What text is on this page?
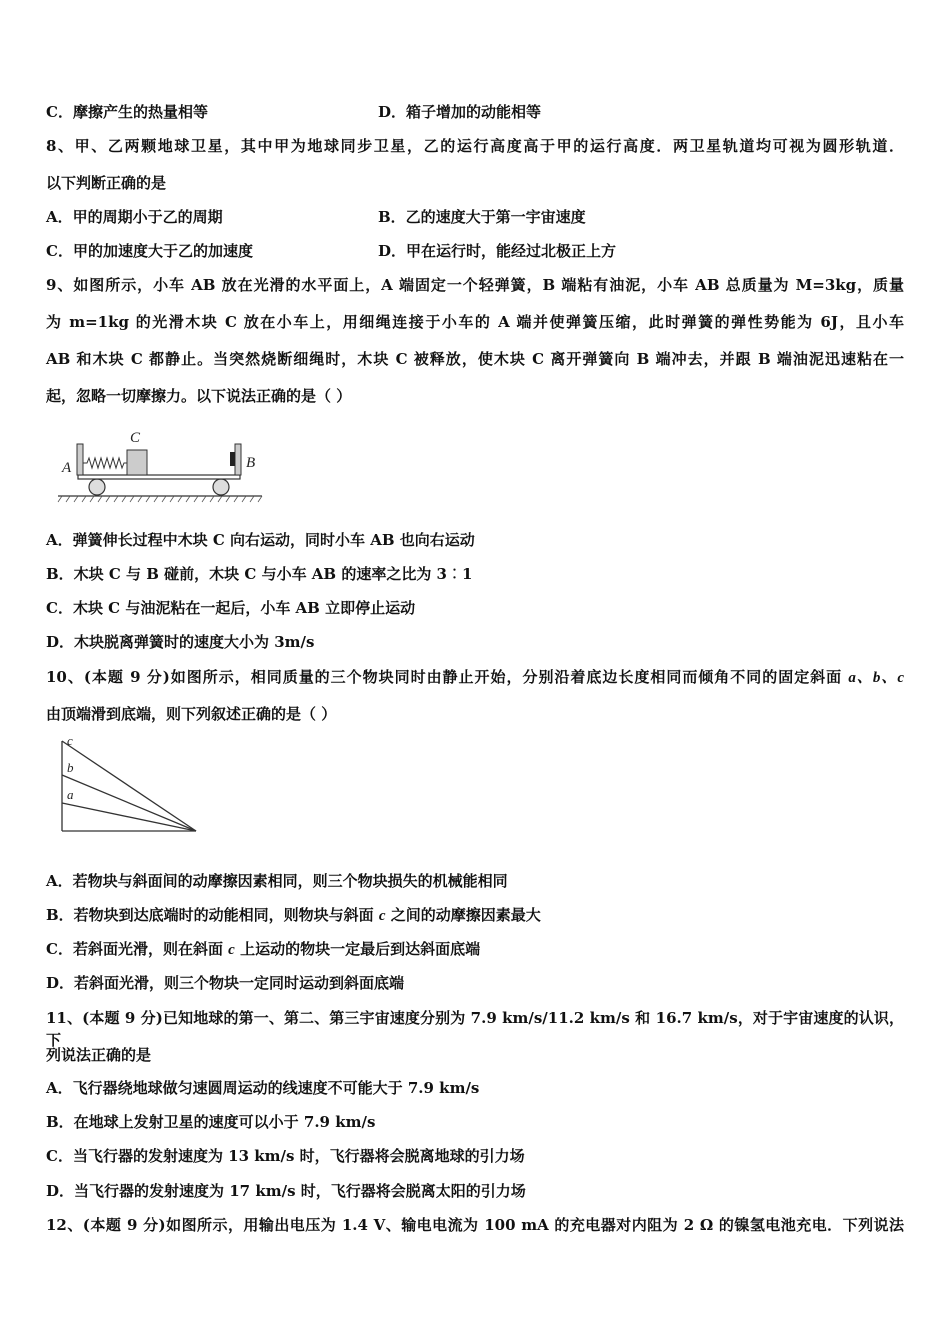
C．摩擦产生的热量相等	D．箱子增加的动能相等
8、甲、乙两颗地球卫星，其中甲为地球同步卫星，乙的运行高度高于甲的运行高度．两卫星轨道均可视为圆形轨道．
以下判断正确的是
A．甲的周期小于乙的周期	B．乙的速度大于第一宇宙速度
C．甲的加速度大于乙的加速度	D．甲在运行时，能经过北极正上方
9、如图所示，小车 AB 放在光滑的水平面上，A 端固定一个轻弹簧，B 端粘有油泥，小车 AB 总质量为 M=3kg，质量
为 m=1kg 的光滑木块 C 放在小车上，用细绳连接于小车的 A 端并使弹簧压缩，此时弹簧的弹性势能为 6J，且小车
AB 和木块 C 都静止。当突然烧断细绳时，木块 C 被释放，使木块 C 离开弹簧向 B 端冲去，并跟 B 端油泥迅速粘在一
起，忽略一切摩擦力。以下说法正确的是（ ）
A
C
B
A．弹簧伸长过程中木块 C 向右运动，同时小车 AB 也向右运动
B．木块 C 与 B 碰前，木块 C 与小车 AB 的速率之比为 3︰1
C．木块 C 与油泥粘在一起后，小车 AB 立即停止运动
D．木块脱离弹簧时的速度大小为 3m/s
10、(本题 9 分)如图所示，相同质量的三个物块同时由静止开始，分别沿着底边长度相同而倾角不同的固定斜面 a、b、c
由顶端滑到底端，则下列叙述正确的是（ ）
c
b
a
A．若物块与斜面间的动摩擦因素相同，则三个物块损失的机械能相同
B．若物块到达底端时的动能相同，则物块与斜面 c 之间的动摩擦因素最大
C．若斜面光滑，则在斜面 c 上运动的物块一定最后到达斜面底端
D．若斜面光滑，则三个物块一定同时运动到斜面底端
11、(本题 9 分)已知地球的第一、第二、第三宇宙速度分别为 7.9 km/s/11.2 km/s 和 16.7 km/s，对于宇宙速度的认识，下
列说法正确的是
A．飞行器绕地球做匀速圆周运动的线速度不可能大于 7.9 km/s
B．在地球上发射卫星的速度可以小于 7.9 km/s
C．当飞行器的发射速度为 13 km/s 时，飞行器将会脱离地球的引力场
D．当飞行器的发射速度为 17 km/s 时，飞行器将会脱离太阳的引力场
12、(本题 9 分)如图所示，用输出电压为 1.4 V、输电电流为 100 mA 的充电器对内阻为 2 Ω 的镍氢电池充电．下列说法
